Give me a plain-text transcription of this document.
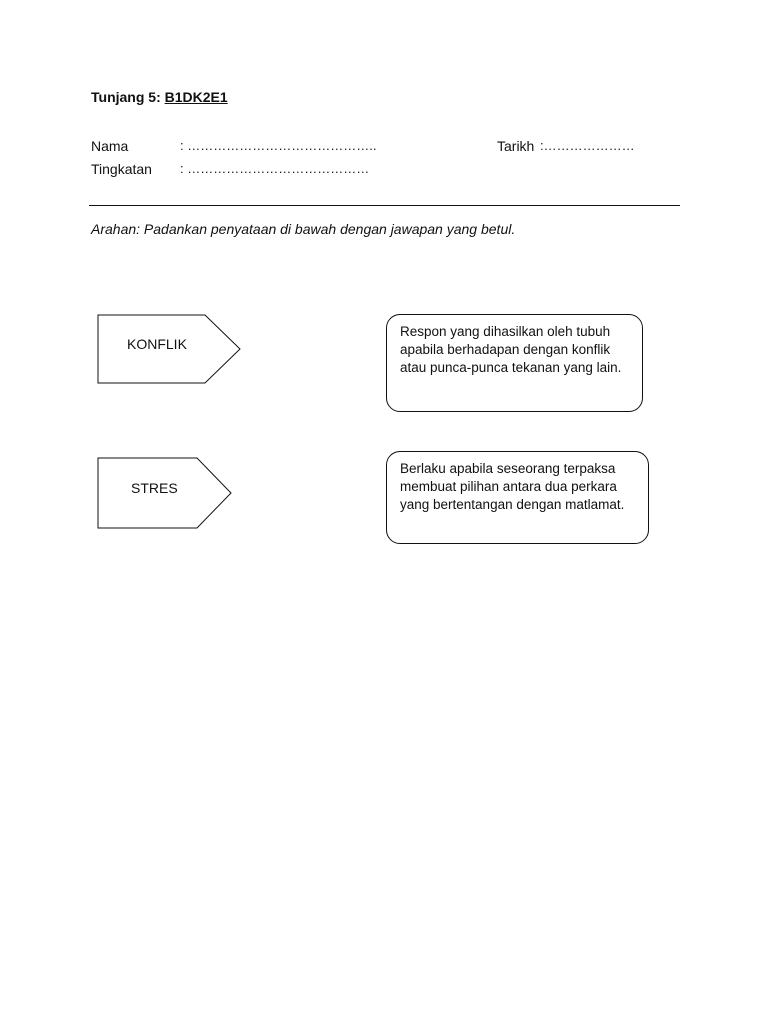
Tunjang 5: B1DK2E1
Nama	: ……………………………………..	Tarikh :…………………
Tingkatan : ……………………………………
Arahan: Padankan penyataan di bawah dengan jawapan yang betul.
KONFLIK
STRES
Respon yang dihasilkan oleh tubuh apabila berhadapan dengan konflik atau punca-punca tekanan yang lain.
Berlaku apabila seseorang terpaksa membuat pilihan antara dua perkara yang bertentangan dengan matlamat.
